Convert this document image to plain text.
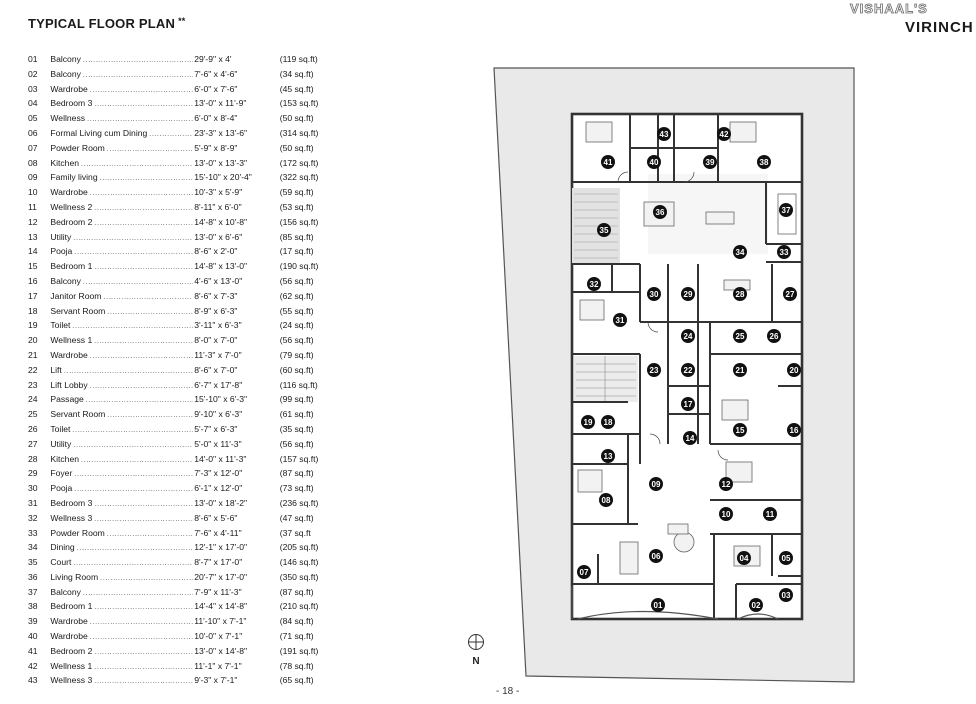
TYPICAL FLOOR PLAN **
VISHAAL'S
VIRINCH
01	Balcony ………………………………………………………………………………………	29'-9" x 4'	(119 sq.ft)
02	Balcony ………………………………………………………………………………………	7'-6" x 4'-6"	(34 sq.ft)
03	Wardrobe ………………………………………………………………………………………	6'-0" x 7'-6"	(45 sq.ft)
04	Bedroom 3 ………………………………………………………………………………………	13'-0" x 11'-9"	(153 sq.ft)
05	Wellness ………………………………………………………………………………………	6'-0" x 8'-4"	(50 sq.ft)
06	Formal Living cum Dining ………………………………………………………………………………………	23'-3" x 13'-6"	(314 sq.ft)
07	Powder Room ………………………………………………………………………………………	5'-9" x 8'-9"	(50 sq.ft)
08	Kitchen ………………………………………………………………………………………	13'-0" x 13'-3"	(172 sq.ft)
09	Family living ………………………………………………………………………………………	15'-10" x 20'-4"	(322 sq.ft)
10	Wardrobe ………………………………………………………………………………………	10'-3" x 5'-9"	(59 sq.ft)
11	Wellness 2 ………………………………………………………………………………………	8'-11" x 6'-0"	(53 sq.ft)
12	Bedroom 2 ………………………………………………………………………………………	14'-8" x 10'-8"	(156 sq.ft)
13	Utility ………………………………………………………………………………………	13'-0" x 6'-6"	(85 sq.ft)
14	Pooja ………………………………………………………………………………………	8'-6" x 2'-0"	(17 sq.ft)
15	Bedroom 1 ………………………………………………………………………………………	14'-8" x 13'-0"	(190 sq.ft)
16	Balcony ………………………………………………………………………………………	4'-6" x 13'-0"	(56 sq.ft)
17	Janitor Room ………………………………………………………………………………………	8'-6" x 7'-3"	(62 sq.ft)
18	Servant Room ………………………………………………………………………………………	8'-9" x 6'-3"	(55 sq.ft)
19	Toilet ………………………………………………………………………………………	3'-11" x 6'-3"	(24 sq.ft)
20	Wellness 1 ………………………………………………………………………………………	8'-0" x 7'-0"	(56 sq.ft)
21	Wardrobe ………………………………………………………………………………………	11'-3" x 7'-0"	(79 sq.ft)
22	Lift ………………………………………………………………………………………	8'-6" x 7'-0"	(60 sq.ft)
23	Lift Lobby ………………………………………………………………………………………	6'-7" x 17'-8"	(116 sq.ft)
24	Passage ………………………………………………………………………………………	15'-10" x 6'-3"	(99 sq.ft)
25	Servant Room ………………………………………………………………………………………	9'-10" x 6'-3"	(61 sq.ft)
26	Toilet ………………………………………………………………………………………	5'-7" x 6'-3"	(35 sq.ft)
27	Utility ………………………………………………………………………………………	5'-0" x 11'-3"	(56 sq.ft)
28	Kitchen ………………………………………………………………………………………	14'-0" x 11'-3"	(157 sq.ft)
29	Foyer ………………………………………………………………………………………	7'-3" x 12'-0"	(87 sq.ft)
30	Pooja ………………………………………………………………………………………	6'-1" x 12'-0"	(73 sq.ft)
31	Bedroom 3 ………………………………………………………………………………………	13'-0" x 18'-2"	(236 sq.ft)
32	Wellness 3 ………………………………………………………………………………………	8'-6" x 5'-6"	(47 sq.ft)
33	Powder Room ………………………………………………………………………………………	7'-6" x 4'-11"	(37 sq.ft
34	Dining ………………………………………………………………………………………	12'-1" x 17'-0"	(205 sq.ft)
35	Court ………………………………………………………………………………………	8'-7" x 17'-0"	(146 sq.ft)
36	Living Room ………………………………………………………………………………………	20'-7" x 17'-0"	(350 sq.ft)
37	Balcony ………………………………………………………………………………………	7'-9" x 11'-3"	(87 sq.ft)
38	Bedroom 1 ………………………………………………………………………………………	14'-4" x 14'-8"	(210 sq.ft)
39	Wardrobe ………………………………………………………………………………………	11'-10" x 7'-1"	(84 sq.ft)
40	Wardrobe ………………………………………………………………………………………	10'-0" x 7'-1"	(71 sq.ft)
41	Bedroom 2 ………………………………………………………………………………………	13'-0" x 14'-8"	(191 sq.ft)
42	Wellness 1 ………………………………………………………………………………………	11'-1" x 7'-1"	(78 sq.ft)
43	Wellness 3 ………………………………………………………………………………………	9'-3" x 7'-1"	(65 sq.ft)
01	02
03
04	05
06
07
08
09
10	11
12
13
14
15	16
17
18
19
20
21
22
23
24	25	26
27
28
29
30
31
32
33
34
35
36	37
38
39
40
41
42
43
N
- 18 -
